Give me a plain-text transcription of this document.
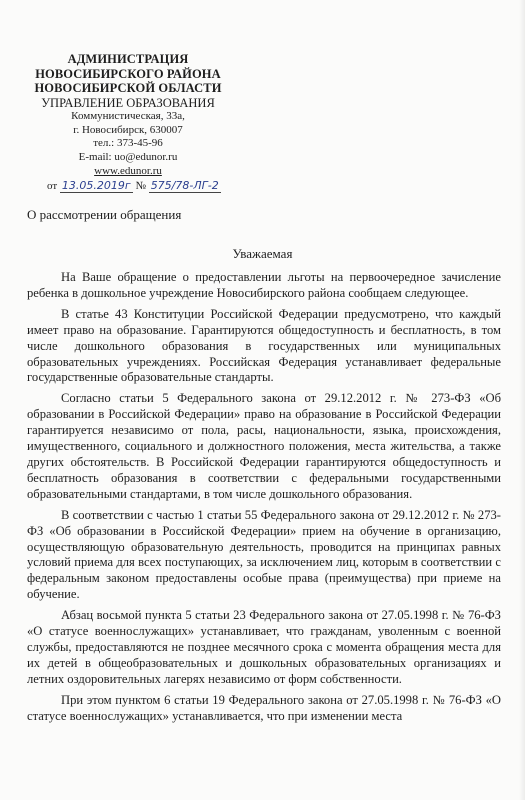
АДМИНИСТРАЦИЯ
НОВОСИБИРСКОГО РАЙОНА
НОВОСИБИРСКОЙ ОБЛАСТИ
УПРАВЛЕНИЕ ОБРАЗОВАНИЯ
Коммунистическая, 33а,
г. Новосибирск, 630007
тел.: 373-45-96
E-mail: uo@edunor.ru
www.edunor.ru
от 13.05.2019г № 575/78-ЛГ-2
О рассмотрении обращения
Уважаемая

На Ваше обращение о предоставлении льготы на первоочередное зачисление ребенка в дошкольное учреждение Новосибирского района сообщаем следующее.

В статье 43 Конституции Российской Федерации предусмотрено, что каждый имеет право на образование. Гарантируются общедоступность и бесплатность, в том числе дошкольного образования в государственных или муниципальных образовательных учреждениях. Российская Федерация устанавливает федеральные государственные образовательные стандарты.

Согласно статьи 5 Федерального закона от 29.12.2012 г. № 273-ФЗ «Об образовании в Российской Федерации» право на образование в Российской Федерации гарантируется независимо от пола, расы, национальности, языка, происхождения, имущественного, социального и должностного положения, места жительства, а также других обстоятельств. В Российской Федерации гарантируются общедоступность и бесплатность образования в соответствии с федеральными государственными образовательными стандартами, в том числе дошкольного образования.

В соответствии с частью 1 статьи 55 Федерального закона от 29.12.2012 г. № 273-ФЗ «Об образовании в Российской Федерации» прием на обучение в организацию, осуществляющую образовательную деятельность, проводится на принципах равных условий приема для всех поступающих, за исключением лиц, которым в соответствии с федеральным законом предоставлены особые права (преимущества) при приеме на обучение.

Абзац восьмой пункта 5 статьи 23 Федерального закона от 27.05.1998 г. № 76-ФЗ «О статусе военнослужащих» устанавливает, что гражданам, уволенным с военной службы, предоставляются не позднее месячного срока с момента обращения места для их детей в общеобразовательных и дошкольных образовательных организациях и летних оздоровительных лагерях независимо от форм собственности.

При этом пунктом 6 статьи 19 Федерального закона от 27.05.1998 г. № 76-ФЗ «О статусе военнослужащих» устанавливается, что при изменении места
